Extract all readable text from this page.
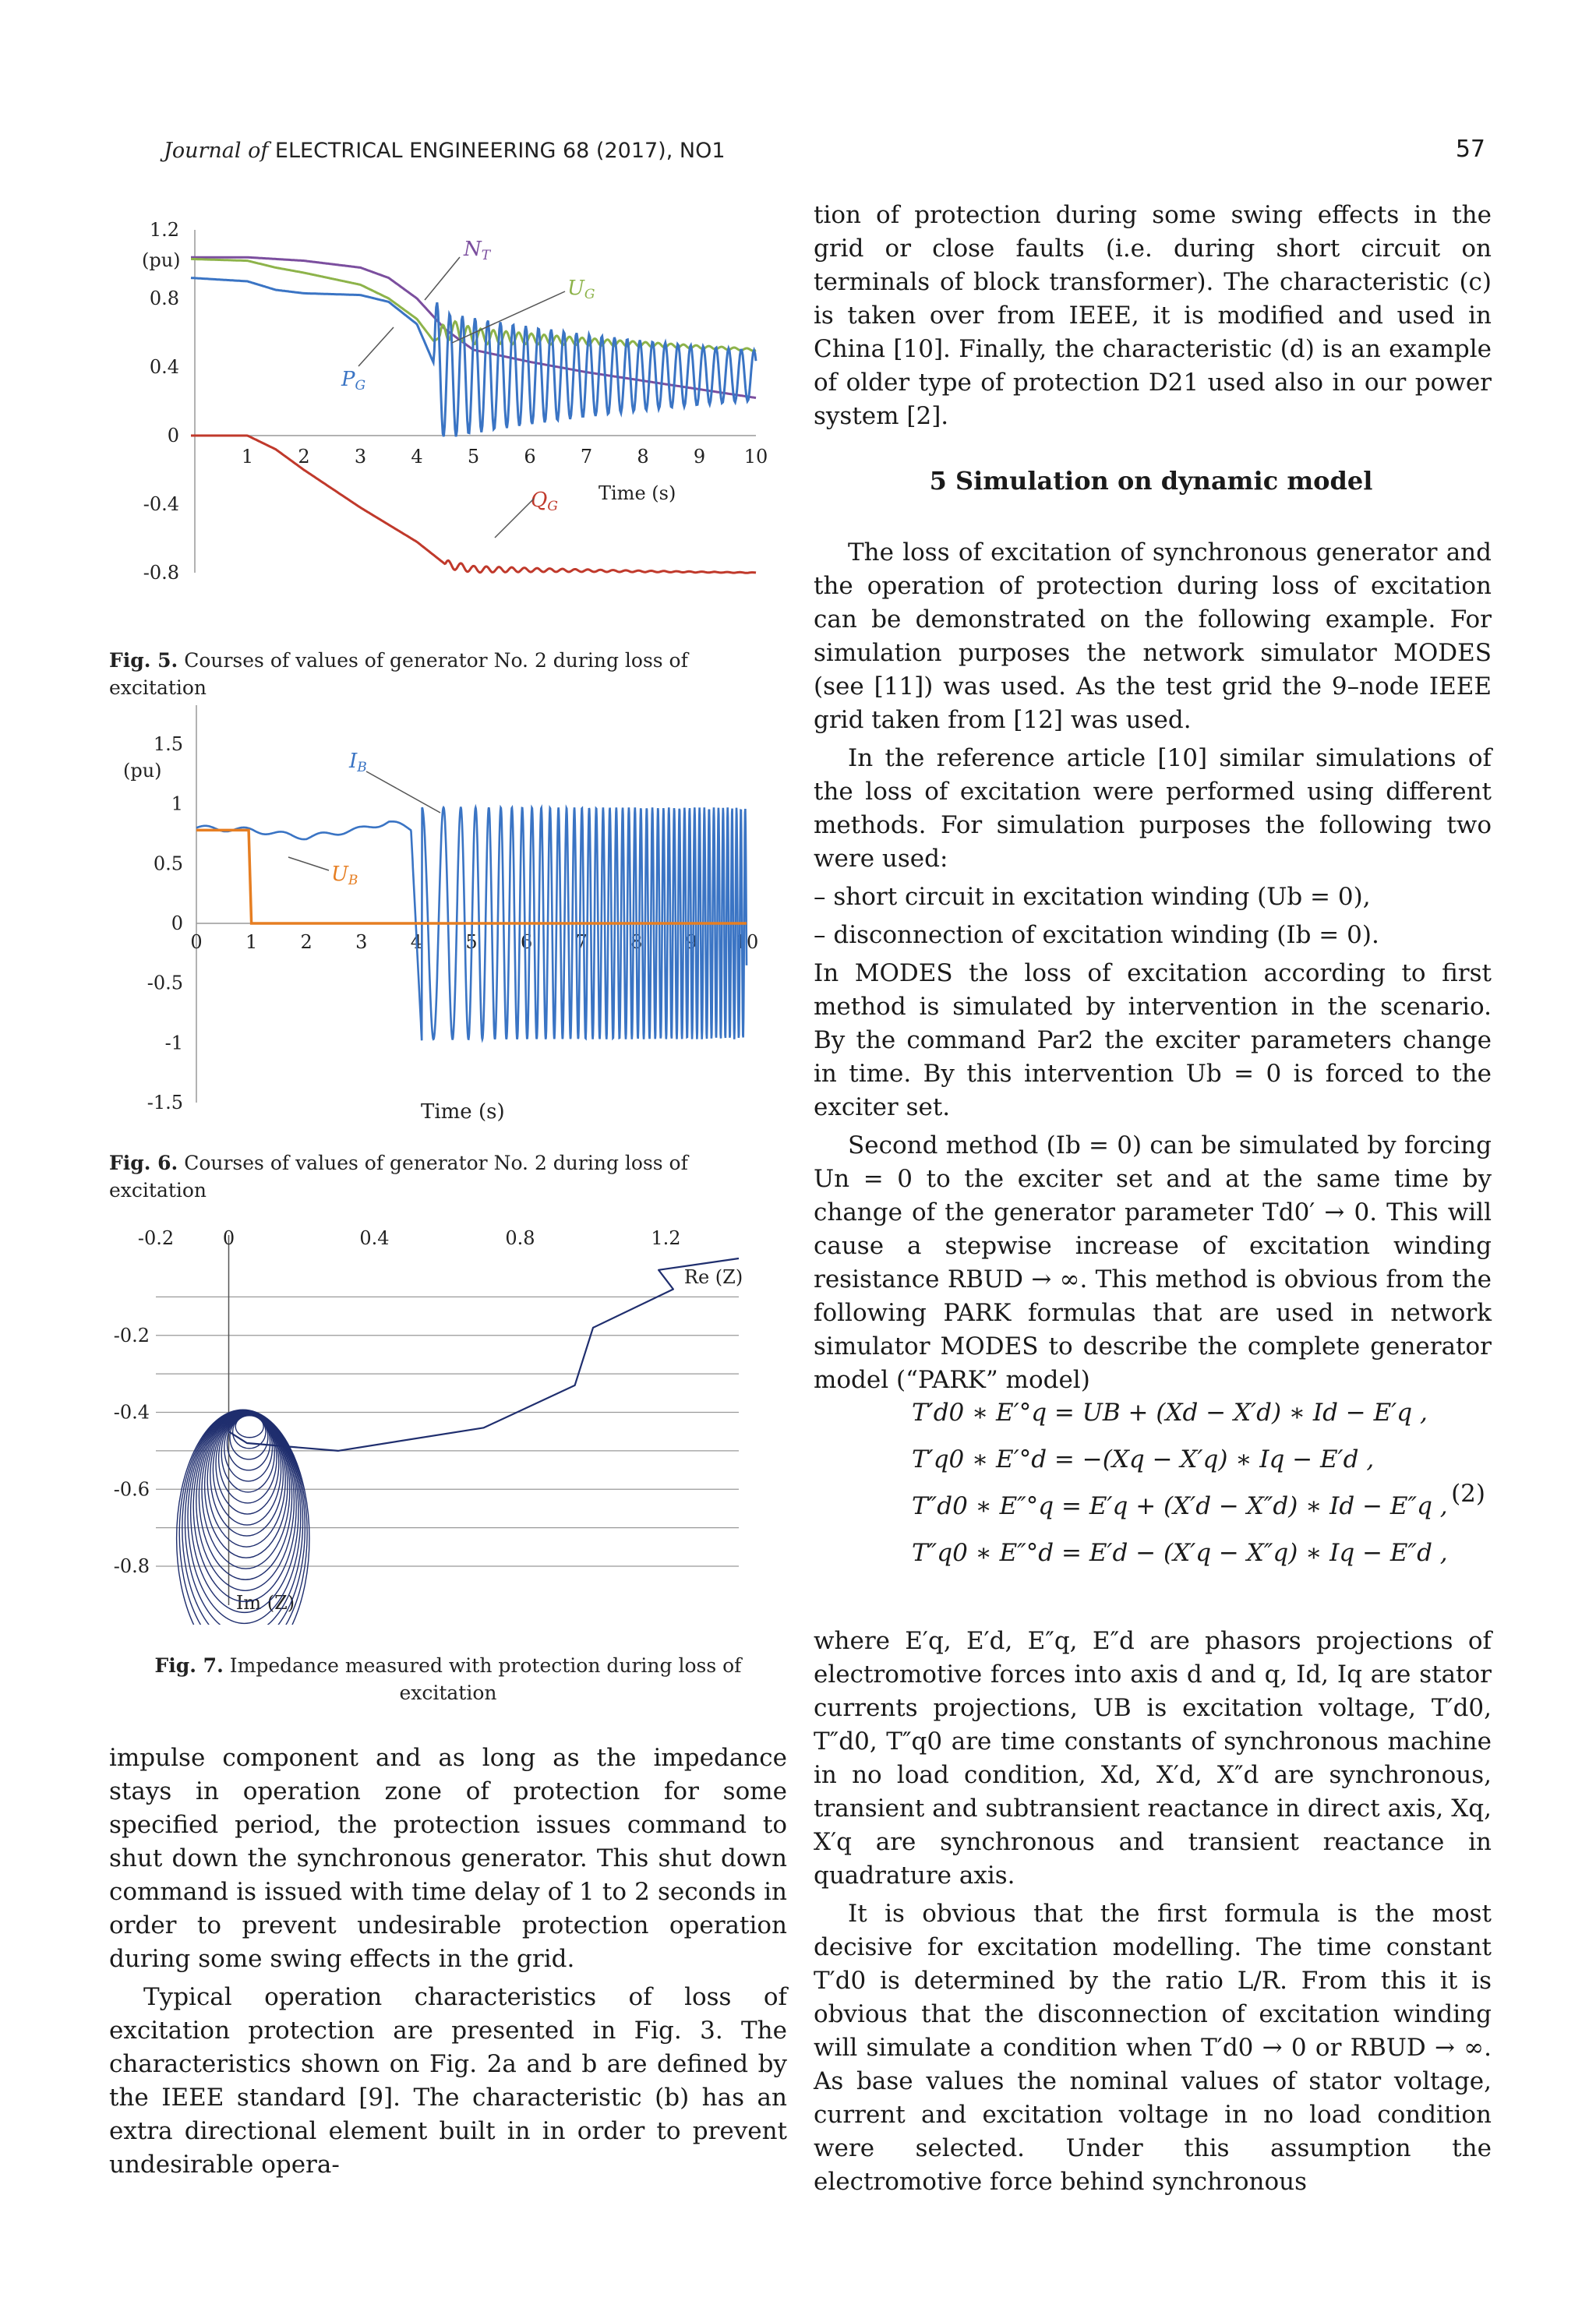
Journal of ELECTRICAL ENGINEERING 68 (2017), NO1	57
1.2
0.8
0.4
0
-0.4
-0.8
1 2 3 4 5 6 7 8 9 10
(pu)
Time (s)
NT
UG
PG
QG
Fig. 5. Courses of values of generator No. 2 during loss of excitation
1.5
1
0.5
0
-0.5
-1
-1.5
0 1 2 3 4 5 6 7 8 9 10
(pu)
Time (s)
IB
UB
Fig. 6. Courses of values of generator No. 2 during loss of excitation
-0.2	0	0.4	0.8	1.2
-0.2
-0.4
-0.6
-0.8
Re (Z)
Im (Z)
Fig. 7. Impedance measured with protection during loss of excitation

impulse component and as long as the impedance stays in operation zone of protection for some specified period, the protection issues command to shut down the synchronous generator. This shut down command is issued with time delay of 1 to 2 seconds in order to prevent undesirable protection operation during some swing effects in the grid.

Typical operation characteristics of loss of excitation protection are presented in Fig. 3. The characteristics shown on Fig. 2a and b are defined by the IEEE standard [9]. The characteristic (b) has an extra directional element built in in order to prevent undesirable opera-

tion of protection during some swing effects in the grid or close faults (i.e. during short circuit on terminals of block transformer). The characteristic (c) is taken over from IEEE, it is modified and used in China [10]. Finally, the characteristic (d) is an example of older type of protection D21 used also in our power system [2].

5 Simulation on dynamic model

The loss of excitation of synchronous generator and the operation of protection during loss of excitation can be demonstrated on the following example. For simulation purposes the network simulator MODES (see [11]) was used. As the test grid the 9–node IEEE grid taken from [12] was used.

In the reference article [10] similar simulations of the loss of excitation were performed using different methods. For simulation purposes the following two were used:

– short circuit in excitation winding (Ub = 0),

– disconnection of excitation winding (Ib = 0).

In MODES the loss of excitation according to first method is simulated by intervention in the scenario. By the command Par2 the exciter parameters change in time. By this intervention Ub = 0 is forced to the exciter set.

Second method (Ib = 0) can be simulated by forcing Un = 0 to the exciter set and at the same time by change of the generator parameter Td0′ → 0. This will cause a stepwise increase of excitation winding resistance RBUD → ∞. This method is obvious from the following PARK formulas that are used in network simulator MODES to describe the complete generator model (“PARK” model)

T′d0 ∗ E′°q = UB + (Xd − X′d) ∗ Id − E′q ,
T′q0 ∗ E′°d = −(Xq − X′q) ∗ Iq − E′d ,
T″d0 ∗ E″°q = E′q + (X′d − X″d) ∗ Id − E″q ,
T″q0 ∗ E″°d = E′d − (X′q − X″q) ∗ Iq − E″d ,
(2)

where E′q, E′d, E″q, E″d are phasors projections of electromotive forces into axis d and q, Id, Iq are stator currents projections, UB is excitation voltage, T′d0, T″d0, T″q0 are time constants of synchronous machine in no load condition, Xd, X′d, X″d are synchronous, transient and subtransient reactance in direct axis, Xq, X′q are synchronous and transient reactance in quadrature axis.

It is obvious that the first formula is the most decisive for excitation modelling. The time constant T′d0 is determined by the ratio L/R. From this it is obvious that the disconnection of excitation winding will simulate a condition when T′d0 → 0 or RBUD → ∞. As base values the nominal values of stator voltage, current and excitation voltage in no load condition were selected. Under this assumption the electromotive force behind synchronous
